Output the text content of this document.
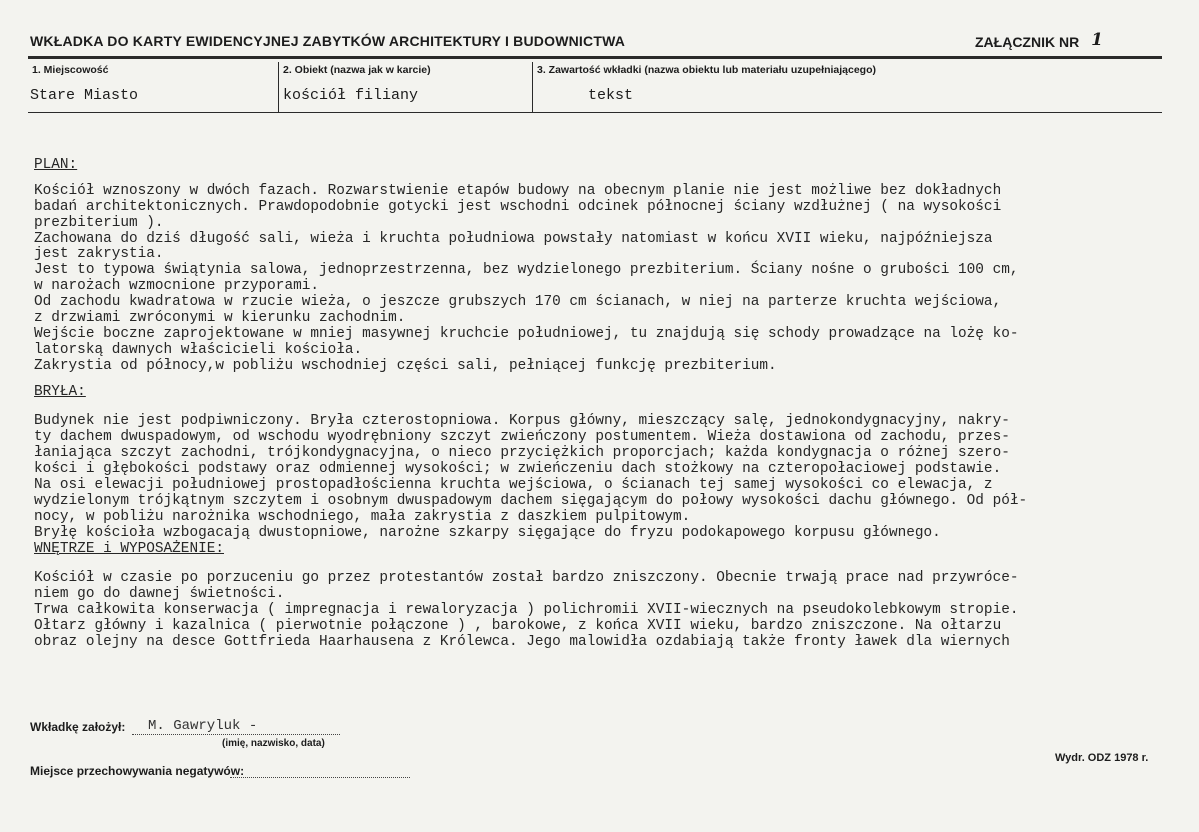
WKŁADKA DO KARTY EWIDENCYJNEJ ZABYTKÓW ARCHITEKTURY I BUDOWNICTWA	ZAŁĄCZNIK NR 1
1. Miejscowość
Stare Miasto
2. Obiekt (nazwa jak w karcie)
kościół filiany
3. Zawartość wkładki (nazwa obiektu lub materiału uzupełniającego)
tekst
PLAN:
Kościół wznoszony w dwóch fazach. Rozwarstwienie etapów budowy na obecnym planie nie jest możliwe bez dokładnych
badań architektonicznych. Prawdopodobnie gotycki jest wschodni odcinek północnej ściany wzdłużnej ( na wysokości
prezbiterium ).
Zachowana do dziś długość sali, wieża i kruchta południowa powstały natomiast w końcu XVII wieku, najpóźniejsza
jest zakrystia.
Jest to typowa świątynia salowa, jednoprzestrzenna, bez wydzielonego prezbiterium. Ściany nośne o grubości 100 cm,
w narożach wzmocnione przyporami.
Od zachodu kwadratowa w rzucie wieża, o jeszcze grubszych 170 cm ścianach, w niej na parterze kruchta wejściowa,
z drzwiami zwróconymi w kierunku zachodnim.
Wejście boczne zaprojektowane w mniej masywnej kruchcie południowej, tu znajdują się schody prowadzące na lożę ko-
latorską dawnych właścicieli kościoła.
Zakrystia od północy,w pobliżu wschodniej części sali, pełniącej funkcję prezbiterium.
BRYŁA:
Budynek nie jest podpiwniczony. Bryła czterostopniowa. Korpus główny, mieszczący salę, jednokondygnacyjny, nakry-
ty dachem dwuspadowym, od wschodu wyodrębniony szczyt zwieńczony postumentem. Wieża dostawiona od zachodu, przes-
łaniająca szczyt zachodni, trójkondygnacyjna, o nieco przyciężkich proporcjach; każda kondygnacja o różnej szero-
kości i głębokości podstawy oraz odmiennej wysokości; w zwieńczeniu dach stożkowy na czteropołaciowej podstawie.
Na osi elewacji południowej prostopadłościenna kruchta wejściowa, o ścianach tej samej wysokości co elewacja, z
wydzielonym trójkątnym szczytem i osobnym dwuspadowym dachem sięgającym do połowy wysokości dachu głównego. Od pół-
nocy, w pobliżu narożnika wschodniego, mała zakrystia z daszkiem pulpitowym.
Bryłę kościoła wzbogacają dwustopniowe, narożne szkarpy sięgające do fryzu podokapowego korpusu głównego.
WNĘTRZE i WYPOSAŻENIE:
Kościół w czasie po porzuceniu go przez protestantów został bardzo zniszczony. Obecnie trwają prace nad przywróce-
niem go do dawnej świetności.
Trwa całkowita konserwacja ( impregnacja i rewaloryzacja ) polichromii XVII-wiecznych na pseudokolebkowym stropie.
Ołtarz główny i kazalnica ( pierwotnie połączone ) , barokowe, z końca XVII wieku, bardzo zniszczone. Na ołtarzu
obraz olejny na desce Gottfrieda Haarhausena z Królewca. Jego malowidła ozdabiają także fronty ławek dla wiernych
Wkładkę założył: M. Gawryluk -
(imię, nazwisko, data)
Miejsce przechowywania negatywów:
Wydr. ODZ 1978 r.
